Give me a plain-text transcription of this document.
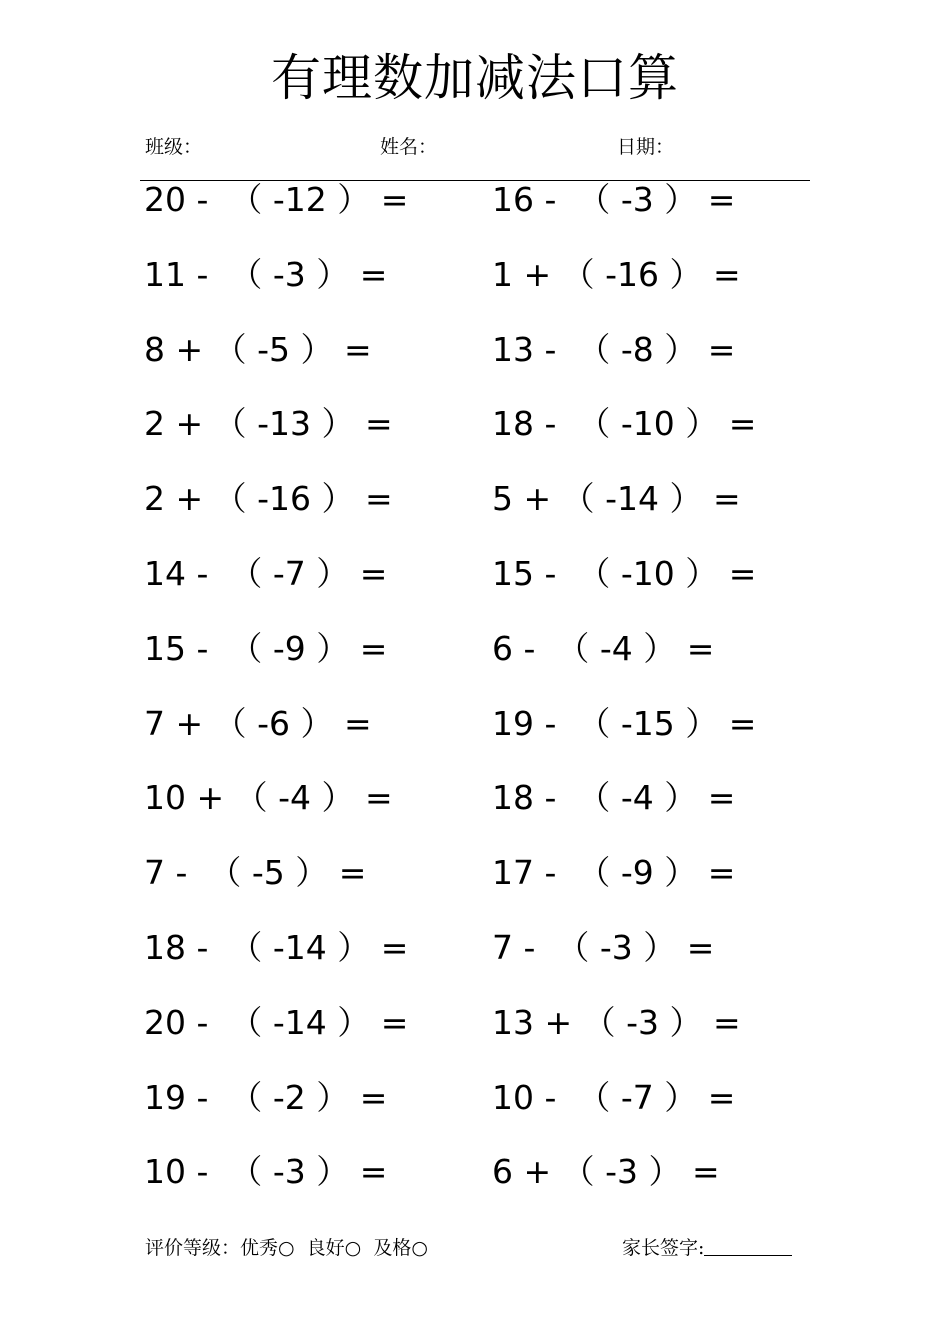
有理数加减法口算
班级：	姓名：	日期：
20 -  （ -12 ） =	16 -  （ -3 ） =
11 -  （ -3 ） =	1 + （ -16 ） =
8 + （ -5 ） =	13 -  （ -8 ） =
2 + （ -13 ） =	18 -  （ -10 ） =
2 + （ -16 ） =	5 + （ -14 ） =
14 -  （ -7 ） =	15 -  （ -10 ） =
15 -  （ -9 ） =	6 -  （ -4 ） =
7 + （ -6 ） =	19 -  （ -15 ） =
10 + （ -4 ） =	18 -  （ -4 ） =
7 -  （ -5 ） =	17 -  （ -9 ） =
18 -  （ -14 ） =	7 -  （ -3 ） =
20 -  （ -14 ） =	13 + （ -3 ） =
19 -  （ -2 ） =	10 -  （ -7 ） =
10 -  （ -3 ） =	6 + （ -3 ） =
评价等级：优秀○  良好○  及格○	家长签字:
